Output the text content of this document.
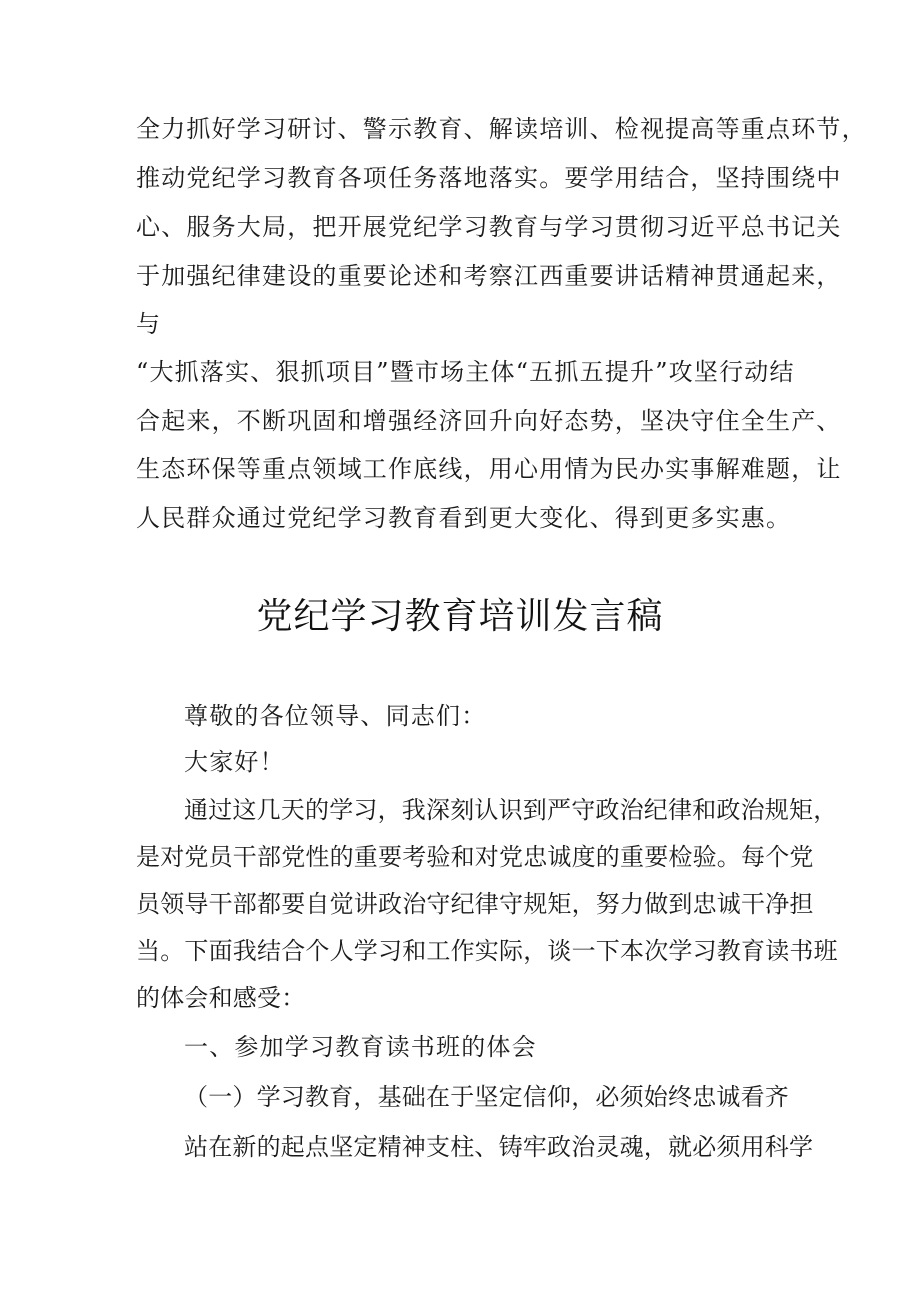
全力抓好学习研讨、警示教育、解读培训、检视提高等重点环节，
推动党纪学习教育各项任务落地落实。要学用结合，坚持围绕中
心、服务大局，把开展党纪学习教育与学习贯彻习近平总书记关
于加强纪律建设的重要论述和考察江西重要讲话精神贯通起来，
与
“大抓落实、狠抓项目”暨市场主体“五抓五提升”攻坚行动结
合起来，不断巩固和增强经济回升向好态势，坚决守住全生产、
生态环保等重点领域工作底线，用心用情为民办实事解难题，让
人民群众通过党纪学习教育看到更大变化、得到更多实惠。
党纪学习教育培训发言稿
尊敬的各位领导、同志们：
大家好！
通过这几天的学习，我深刻认识到严守政治纪律和政治规矩，
是对党员干部党性的重要考验和对党忠诚度的重要检验。每个党
员领导干部都要自觉讲政治守纪律守规矩，努力做到忠诚干净担
当。下面我结合个人学习和工作实际，谈一下本次学习教育读书班
的体会和感受：
一、参加学习教育读书班的体会
（一）学习教育，基础在于坚定信仰，必须始终忠诚看齐
站在新的起点坚定精神支柱、铸牢政治灵魂，就必须用科学
